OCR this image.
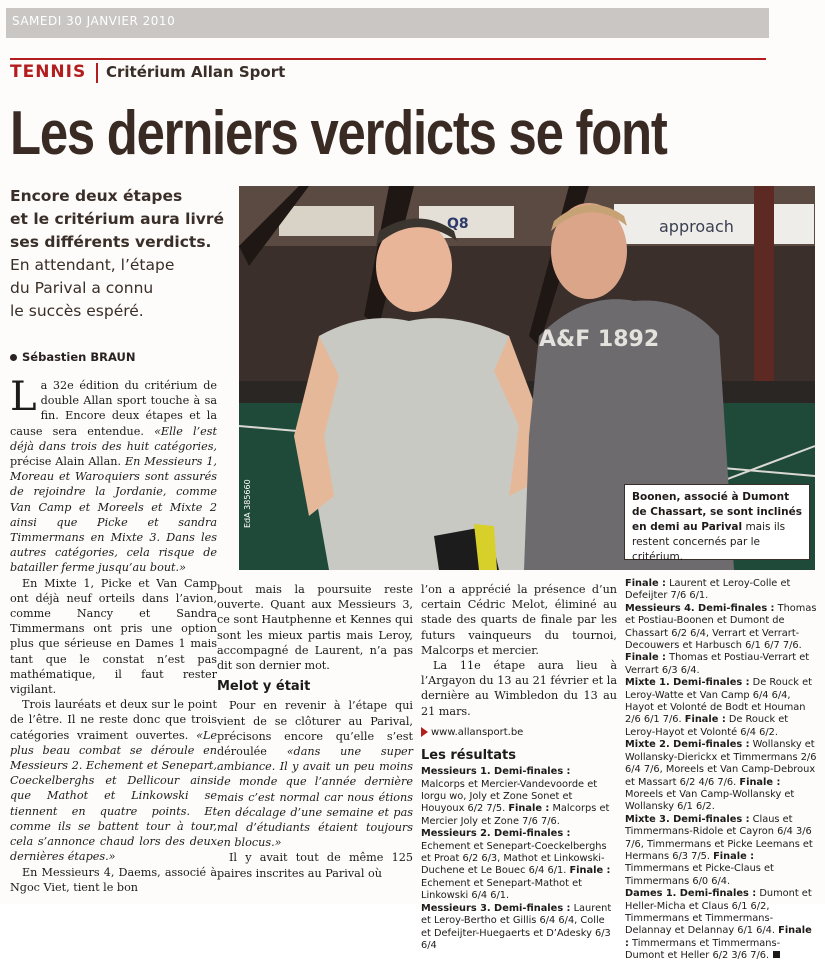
SAMEDI 30 JANVIER 2010
TENNIS Critérium Allan Sport
Les derniers verdicts se font
Encore deux étapes
et le critérium aura livré
ses différents verdicts.
En attendant, l’étape
du Parival a connu
le succès espéré.
Sébastien BRAUN
approach
Q8
A&F 1892
EdA 385660	Boonen, associé à Dumont de Chassart, se sont inclinés en demi au Parival mais ils restent concernés par le critérium.

La 32e édition du critérium de double Allan sport touche à sa fin. Encore deux étapes et la cause sera entendue. «Elle l’est déjà dans trois des huit catégories, précise Alain Allan. En Messieurs 1, Moreau et Waroquiers sont assurés de rejoindre la Jordanie, comme Van Camp et Moreels et Mixte 2 ainsi que Picke et sandra Timmermans en Mixte 3. Dans les autres catégories, cela risque de batailler ferme jusqu’au bout.»

En Mixte 1, Picke et Van Camp ont déjà neuf orteils dans l’avion, comme Nancy et Sandra Timmermans ont pris une option plus que sérieuse en Dames 1 mais tant que le constat n’est pas mathématique, il faut rester vigilant.

Trois lauréats et deux sur le point de l’être. Il ne reste donc que trois catégories vraiment ouvertes. «Le plus beau combat se déroule en Messieurs 2. Echement et Senepart, Coeckelberghs et Dellicour ainsi que Mathot et Linkowski se tiennent en quatre points. Et comme ils se battent tour à tour, cela s’annonce chaud lors des deux dernières étapes.»

En Messieurs 4, Daems, associé à Ngoc Viet, tient le bon

bout mais la poursuite reste ouverte. Quant aux Messieurs 3, ce sont Hautphenne et Kennes qui sont les mieux partis mais Leroy, accompagné de Laurent, n’a pas dit son dernier mot.

Melot y était

Pour en revenir à l’étape qui vient de se clôturer au Parival, précisons encore qu’elle s’est déroulée «dans une super ambiance. Il y avait un peu moins de monde que l’année dernière mais c’est normal car nous étions en décalage d’une semaine et pas mal d’étudiants étaient toujours en blocus.»

Il y avait tout de même 125 paires inscrites au Parival où

l’on a apprécié la présence d’un certain Cédric Melot, éliminé au stade des quarts de finale par les futurs vainqueurs du tournoi, Malcorps et mercier.

La 11e étape aura lieu à l’Argayon du 13 au 21 février et la dernière au Wimbledon du 13 au 21 mars.

www.allansport.be
Les résultats
Messieurs 1. Demi-finales : Malcorps et Mercier-Vandevoorde et Iorgu wo, Joly et Zone Sonet et Houyoux 6/2 7/5. Finale : Malcorps et Mercier Joly et Zone 7/6 7/6.
Messieurs 2. Demi-finales : Echement et Senepart-Coeckelberghs et Proat 6/2 6/3, Mathot et Linkowski-Duchene et Le Bouec 6/4 6/1. Finale : Echement et Senepart-Mathot et Linkowski 6/4 6/1.
Messieurs 3. Demi-finales : Laurent et Leroy-Bertho et Gillis 6/4 6/4, Colle et Defeijter-Huegaerts et D’Adesky 6/3 6/4
Finale : Laurent et Leroy-Colle et Defeijter 7/6 6/1.
Messieurs 4. Demi-finales : Thomas et Postiau-Boonen et Dumont de Chassart 6/2 6/4, Verrart et Verrart-Decouwers et Harbusch 6/1 6/7 7/6. Finale : Thomas et Postiau-Verrart et Verrart 6/3 6/4.
Mixte 1. Demi-finales : De Rouck et Leroy-Watte et Van Camp 6/4 6/4, Hayot et Volonté de Bodt et Houman 2/6 6/1 7/6. Finale : De Rouck et Leroy-Hayot et Volonté 6/4 6/2.
Mixte 2. Demi-finales : Wollansky et Wollansky-Dierickx et Timmermans 2/6 6/4 7/6, Moreels et Van Camp-Debroux et Massart 6/2 4/6 7/6. Finale : Moreels et Van Camp-Wollansky et Wollansky 6/1 6/2.
Mixte 3. Demi-finales : Claus et Timmermans-Ridole et Cayron 6/4 3/6 7/6, Timmermans et Picke Leemans et Hermans 6/3 7/5. Finale : Timmermans et Picke-Claus et Timmermans 6/0 6/4.
Dames 1. Demi-finales : Dumont et Heller-Micha et Claus 6/1 6/2, Timmermans et Timmermans-Delannay et Delannay 6/1 6/4. Finale : Timmermans et Timmermans-Dumont et Heller 6/2 3/6 7/6.
